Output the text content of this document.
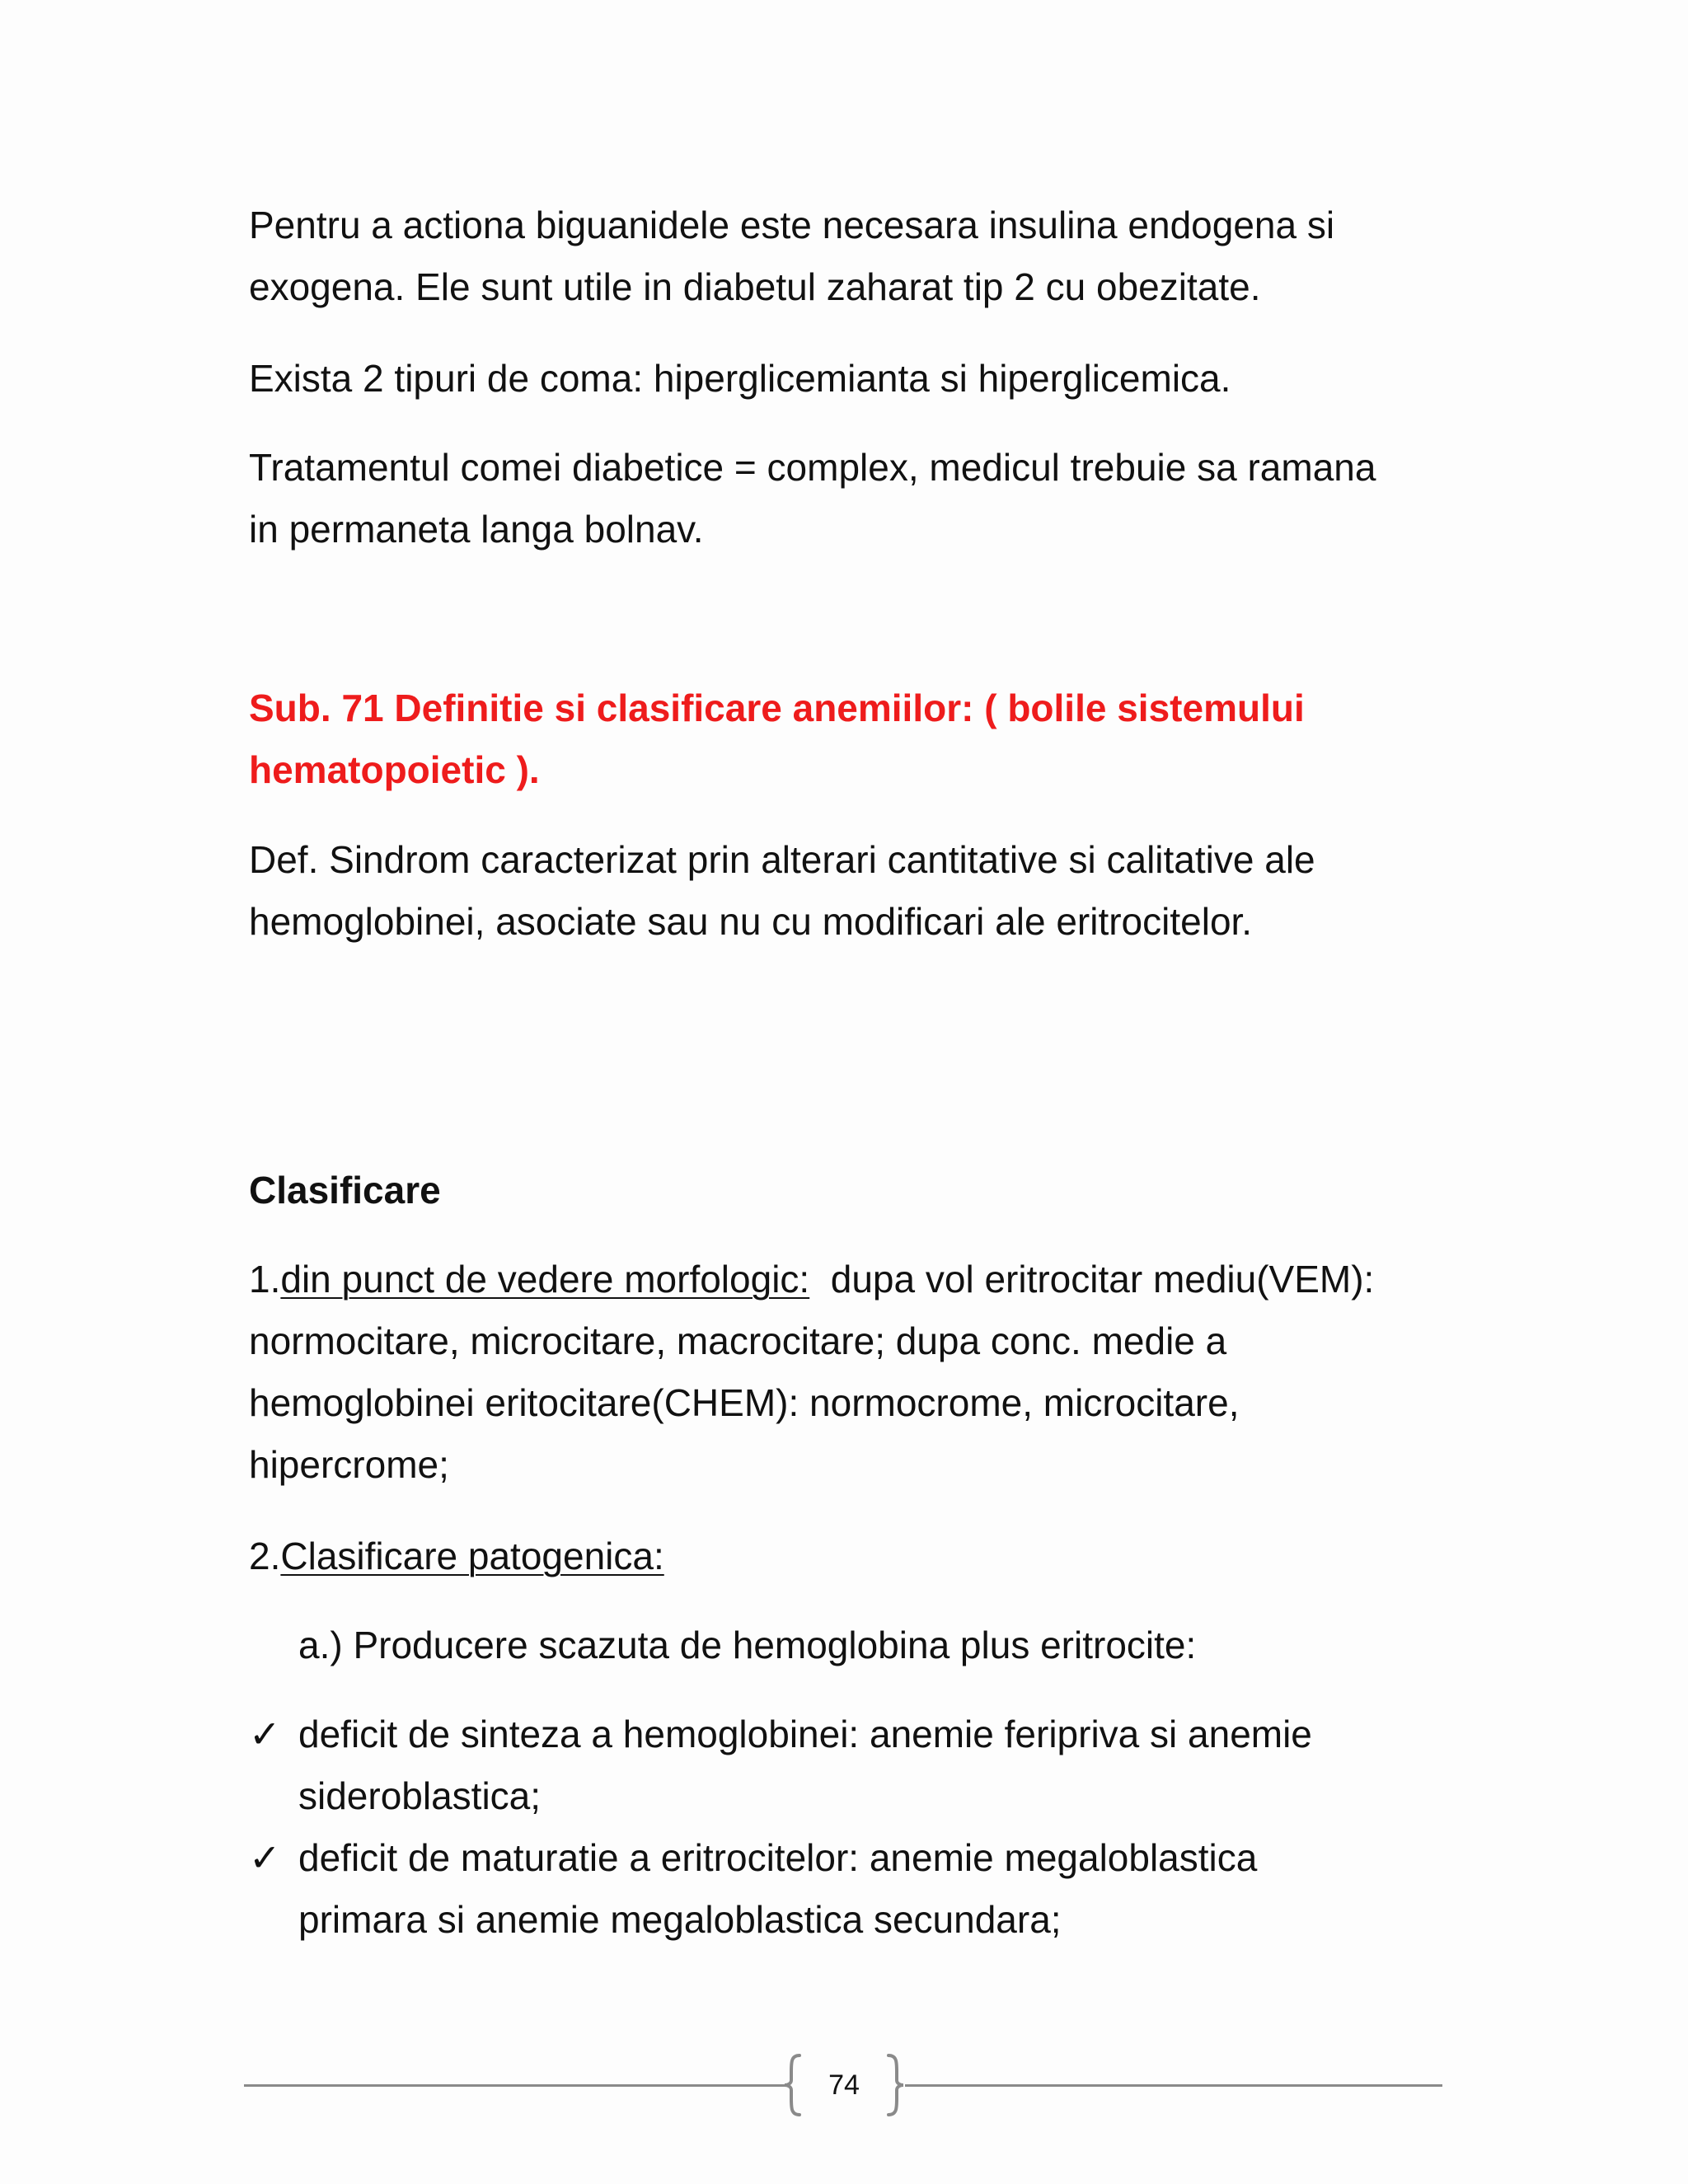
Pentru a actiona biguanidele este necesara insulina endogena si
exogena. Ele sunt utile in diabetul zaharat tip 2 cu obezitate.

Exista 2 tipuri de coma: hiperglicemianta si hiperglicemica.

Tratamentul comei diabetice = complex, medicul trebuie sa ramana
in permaneta langa bolnav.

Sub. 71 Definitie si clasificare anemiilor: ( bolile sistemului
hematopoietic ).

Def. Sindrom caracterizat prin alterari cantitative si calitative ale
hemoglobinei, asociate sau nu cu modificari ale eritrocitelor.

Clasificare

1.din punct de vedere morfologic:  dupa vol eritrocitar mediu(VEM):
normocitare, microcitare, macrocitare; dupa conc. medie a
hemoglobinei eritocitare(CHEM): normocrome, microcitare,
hipercrome;

2.Clasificare patogenica:

a.) Producere scazuta de hemoglobina plus eritrocite:

✓ deficit de sinteza a hemoglobinei: anemie feripriva si anemie
sideroblastica;
✓ deficit de maturatie a eritrocitelor: anemie megaloblastica
primara si anemie megaloblastica secundara;
74
